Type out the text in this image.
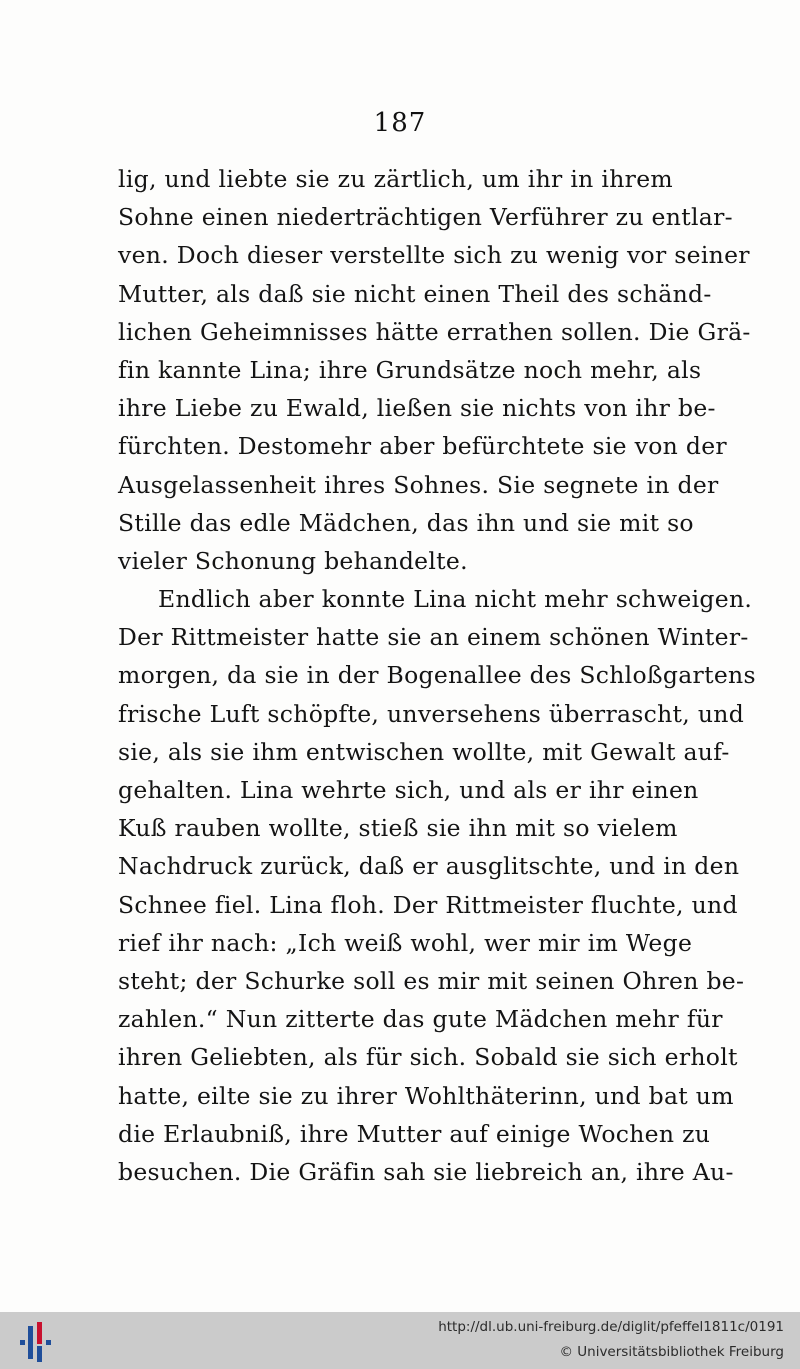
187
lig, und liebte sie zu zärtlich, um ihr in ihrem
Sohne einen niederträchtigen Verführer zu entlar-
ven. Doch dieser verstellte sich zu wenig vor seiner
Mutter, als daß sie nicht einen Theil des schänd-
lichen Geheimnisses hätte errathen sollen. Die Grä-
fin kannte Lina; ihre Grundsätze noch mehr, als
ihre Liebe zu Ewald, ließen sie nichts von ihr be-
fürchten. Destomehr aber befürchtete sie von der
Ausgelassenheit ihres Sohnes. Sie segnete in der
Stille das edle Mädchen, das ihn und sie mit so
vieler Schonung behandelte.
Endlich aber konnte Lina nicht mehr schweigen.
Der Rittmeister hatte sie an einem schönen Winter-
morgen, da sie in der Bogenallee des Schloßgartens
frische Luft schöpfte, unversehens überrascht, und
sie, als sie ihm entwischen wollte, mit Gewalt auf-
gehalten. Lina wehrte sich, und als er ihr einen
Kuß rauben wollte, stieß sie ihn mit so vielem
Nachdruck zurück, daß er ausglitschte, und in den
Schnee fiel. Lina floh. Der Rittmeister fluchte, und
rief ihr nach: „Ich weiß wohl, wer mir im Wege
steht; der Schurke soll es mir mit seinen Ohren be-
zahlen.“ Nun zitterte das gute Mädchen mehr für
ihren Geliebten, als für sich. Sobald sie sich erholt
hatte, eilte sie zu ihrer Wohlthäterinn, und bat um
die Erlaubniß, ihre Mutter auf einige Wochen zu
besuchen. Die Gräfin sah sie liebreich an, ihre Au-
http://dl.ub.uni-freiburg.de/diglit/pfeffel1811c/0191
© Universitätsbibliothek Freiburg
